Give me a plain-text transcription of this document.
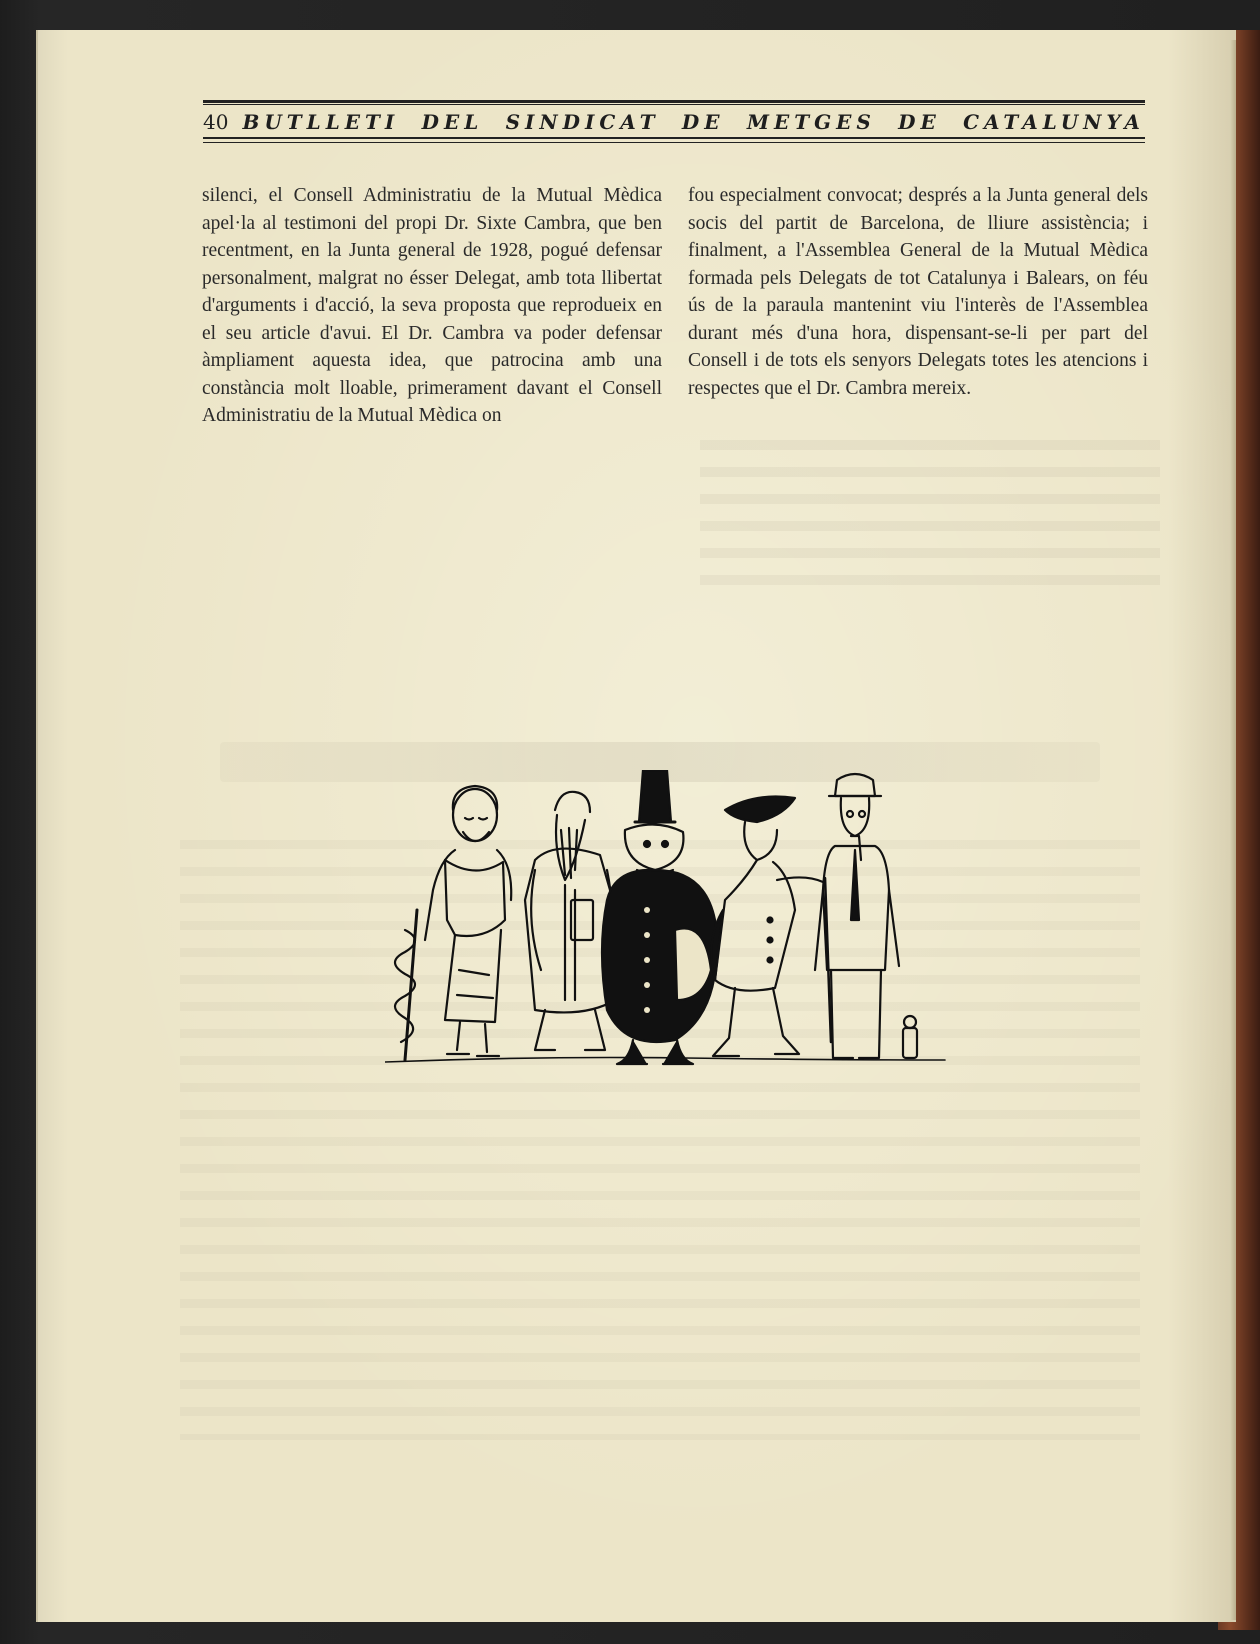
40 BUTLLETI DEL SINDICAT DE METGES DE CATALUNYA

silenci, el Consell Administratiu de la Mutual Mèdica apel·la al testimoni del propi Dr. Sixte Cambra, que ben recentment, en la Junta general de 1928, pogué defensar personalment, malgrat no ésser Delegat, amb tota llibertat d'arguments i d'acció, la seva proposta que reprodueix en el seu article d'avui. El Dr. Cambra va poder defensar àmpliament aquesta idea, que patrocina amb una constància molt lloable, primerament davant el Consell Administratiu de la Mutual Mèdica on

fou especialment convocat; després a la Junta general dels socis del partit de Barcelona, de lliure assistència; i finalment, a l'Assemblea General de la Mutual Mèdica formada pels Delegats de tot Catalunya i Balears, on féu ús de la paraula mantenint viu l'interès de l'Assemblea durant més d'una hora, dispensant-se-li per part del Consell i de tots els senyors Delegats totes les atencions i respectes que el Dr. Cambra mereix.
